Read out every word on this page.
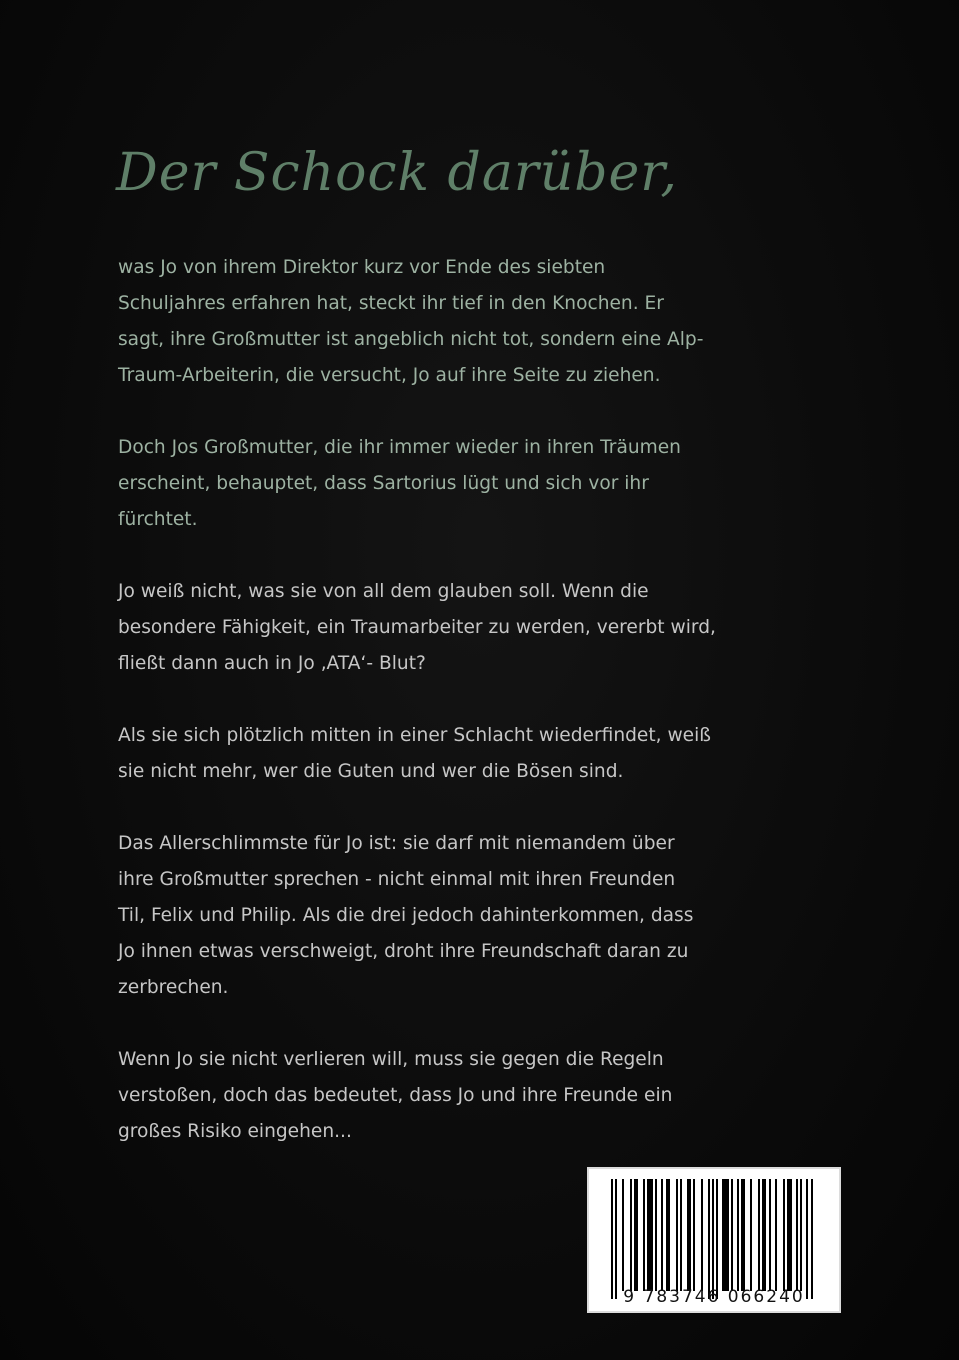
Der Schock darüber,

was Jo von ihrem Direktor kurz vor Ende des siebten
Schuljahres erfahren hat, steckt ihr tief in den Knochen. Er
sagt, ihre Großmutter ist angeblich nicht tot, sondern eine Alp-
Traum-Arbeiterin, die versucht, Jo auf ihre Seite zu ziehen.

Doch Jos Großmutter, die ihr immer wieder in ihren Träumen
erscheint, behauptet, dass Sartorius lügt und sich vor ihr
fürchtet.

Jo weiß nicht, was sie von all dem glauben soll. Wenn die
besondere Fähigkeit, ein Traumarbeiter zu werden, vererbt wird,
fließt dann auch in Jo ‚ATA‘- Blut?

Als sie sich plötzlich mitten in einer Schlacht wiederfindet, weiß
sie nicht mehr, wer die Guten und wer die Bösen sind.

Das Allerschlimmste für Jo ist: sie darf mit niemandem über
ihre Großmutter sprechen - nicht einmal mit ihren Freunden
Til, Felix und Philip. Als die drei jedoch dahinterkommen, dass
Jo ihnen etwas verschweigt, droht ihre Freundschaft daran zu
zerbrechen.

Wenn Jo sie nicht verlieren will, muss sie gegen die Regeln
verstoßen, doch das bedeutet, dass Jo und ihre Freunde ein
großes Risiko eingehen...

9 783746 066240
